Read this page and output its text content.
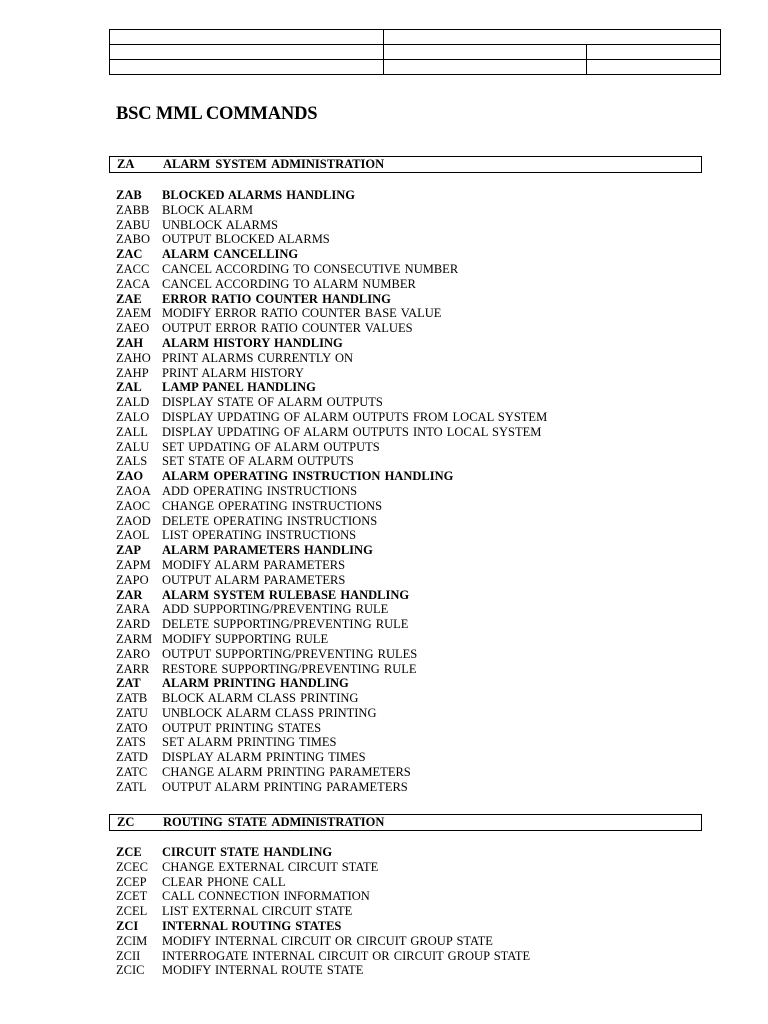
BSC MML COMMANDS
ZA ALARM SYSTEM ADMINISTRATION
ZAB BLOCKED ALARMS HANDLING
ZABB BLOCK ALARM
ZABU UNBLOCK ALARMS
ZABO OUTPUT BLOCKED ALARMS
ZAC ALARM CANCELLING
ZACC CANCEL ACCORDING TO CONSECUTIVE NUMBER
ZACA CANCEL ACCORDING TO ALARM NUMBER
ZAE ERROR RATIO COUNTER HANDLING
ZAEM MODIFY ERROR RATIO COUNTER BASE VALUE
ZAEO OUTPUT ERROR RATIO COUNTER VALUES
ZAH ALARM HISTORY HANDLING
ZAHO PRINT ALARMS CURRENTLY ON
ZAHP PRINT ALARM HISTORY
ZAL LAMP PANEL HANDLING
ZALD DISPLAY STATE OF ALARM OUTPUTS
ZALO DISPLAY UPDATING OF ALARM OUTPUTS FROM LOCAL SYSTEM
ZALL DISPLAY UPDATING OF ALARM OUTPUTS INTO LOCAL SYSTEM
ZALU SET UPDATING OF ALARM OUTPUTS
ZALS SET STATE OF ALARM OUTPUTS
ZAO ALARM OPERATING INSTRUCTION HANDLING
ZAOA ADD OPERATING INSTRUCTIONS
ZAOC CHANGE OPERATING INSTRUCTIONS
ZAOD DELETE OPERATING INSTRUCTIONS
ZAOL LIST OPERATING INSTRUCTIONS
ZAP ALARM PARAMETERS HANDLING
ZAPM MODIFY ALARM PARAMETERS
ZAPO OUTPUT ALARM PARAMETERS
ZAR ALARM SYSTEM RULEBASE HANDLING
ZARA ADD SUPPORTING/PREVENTING RULE
ZARD DELETE SUPPORTING/PREVENTING RULE
ZARM MODIFY SUPPORTING RULE
ZARO OUTPUT SUPPORTING/PREVENTING RULES
ZARR RESTORE SUPPORTING/PREVENTING RULE
ZAT ALARM PRINTING HANDLING
ZATB BLOCK ALARM CLASS PRINTING
ZATU UNBLOCK ALARM CLASS PRINTING
ZATO OUTPUT PRINTING STATES
ZATS SET ALARM PRINTING TIMES
ZATD DISPLAY ALARM PRINTING TIMES
ZATC CHANGE ALARM PRINTING PARAMETERS
ZATL OUTPUT ALARM PRINTING PARAMETERS
ZC ROUTING STATE ADMINISTRATION
ZCE CIRCUIT STATE HANDLING
ZCEC CHANGE EXTERNAL CIRCUIT STATE
ZCEP CLEAR PHONE CALL
ZCET CALL CONNECTION INFORMATION
ZCEL LIST EXTERNAL CIRCUIT STATE
ZCI INTERNAL ROUTING STATES
ZCIM MODIFY INTERNAL CIRCUIT OR CIRCUIT GROUP STATE
ZCII INTERROGATE INTERNAL CIRCUIT OR CIRCUIT GROUP STATE
ZCIC MODIFY INTERNAL ROUTE STATE
